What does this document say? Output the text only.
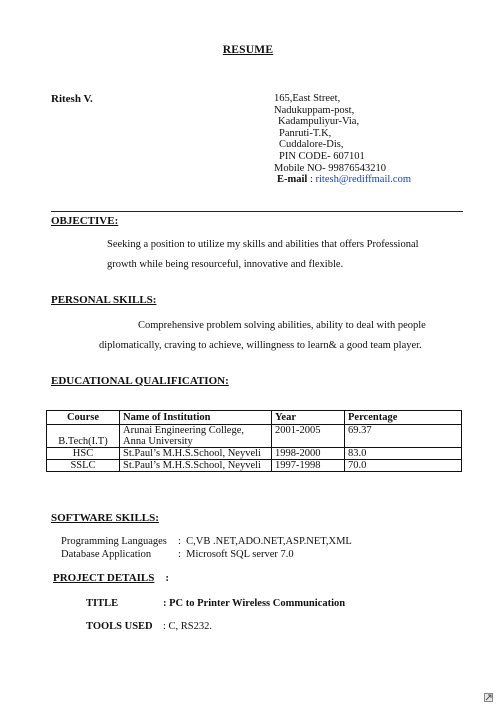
RESUME
Ritesh V.	165,East Street,
Nadukuppam-post,
Kadampuliyur-Via,
Panruti-T.K,
Cuddalore-Dis,
PIN CODE- 607101
Mobile NO- 99876543210
E-mail : ritesh@rediffmail.com
OBJECTIVE:
Seeking a position to utilize my skills and abilities that offers Professional
growth while being resourceful, innovative and flexible.
PERSONAL SKILLS:
Comprehensive problem solving abilities, ability to deal with people
diplomatically, craving to achieve, willingness to learn& a good team player.
EDUCATIONAL QUALIFICATION:
Course	Name of Institution	Year	Percentage
B.Tech(I.T)	Arunai Engineering College,
Anna University	2001-2005	69.37
HSC	St.Paul’s M.H.S.School, Neyveli	1998-2000	83.0
SSLC	St.Paul’s M.H.S.School, Neyveli	1997-1998	70.0
SOFTWARE SKILLS:
Programming Languages :  C,VB .NET,ADO.NET,ASP.NET,XML
Database Application	:  Microsoft SQL server 7.0
PROJECT DETAILS :
TITLE	: PC to Printer Wireless Communication
TOOLS USED : C, RS232.
